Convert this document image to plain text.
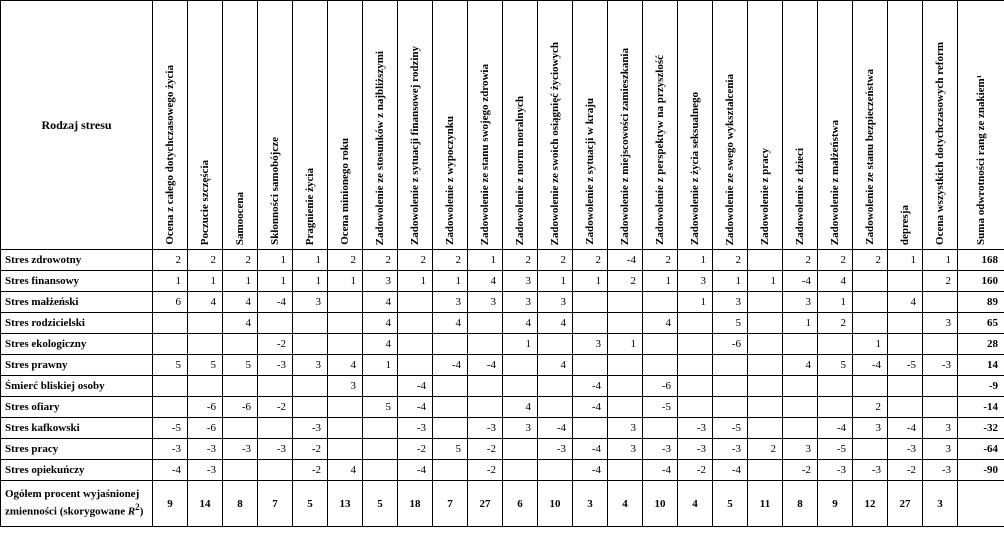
Rodzaj stresu	Ocena z całego dotychczasowego życia	Poczucie szczęścia	Samoocena	Skłonności samobójcze	Pragnienie życia	Ocena minionego roku	Zadowolenie ze stosunków z najbliższymi	Zadowolenie z sytuacji finansowej rodziny	Zadowolenie z wypoczynku	Zadowolenie ze stanu swojego zdrowia	Zadowolenie z norm moralnych	Zadowolenie ze swoich osiągnięć życiowych	Zadowolenie z sytuacji w kraju	Zadowolenie z miejscowości zamieszkania	Zadowolenie z perspektyw na przyszłość	Zadowolenie z życia seksualnego	Zadowolenie ze swego wykształcenia	Zadowolenie z pracy	Zadowolenie z dzieci	Zadowolenie z małżeństwa	Zadowolenie ze stanu bezpieczeństwa	depresja	Ocena wszystkich dotychczasowych reform	Suma odwrotności rang ze znakiem¹

Stres zdrowotny	2	2	2	1	1	2	2	2	2	1	2	2	2	-4	2	1	2		2	2	2	1	1	168
Stres finansowy	1	1	1	1	1	1	3	1	1	4	3	1	1	2	1	3	1	1	-4	4			2	160
Stres małżeński	6	4	4	-4	3		4		3	3	3	3				1	3		3	1		4		89
Stres rodzicielski			4				4		4		4	4			4		5		1	2			3	65
Stres ekologiczny				-2			4				1		3	1			-6				1			28
Stres prawny	5	5	5	-3	3	4	1		-4	-4		4							4	5	-4	-5	-3	14
Śmierć bliskiej osoby						3		-4					-4		-6									-9
Stres ofiary		-6	-6	-2			5	-4			4		-4		-5						2			-14
Stres kafkowski	-5	-6			-3			-3		-3	3	-4		3		-3	-5			-4	3	-4	3	-32
Stres pracy	-3	-3	-3	-3	-2			-2	5	-2		-3	-4	3	-3	-3	-3	2	3	-5		-3	3	-64
Stres opiekuńczy	-4	-3			-2	4		-4		-2			-4		-4	-2	-4		-2	-3	-3	-2	-3	-90
Ogółem procent wyjaśnionej zmienności (skorygowane $R^2$)	9	14	8	7	5	13	5	18	7	27	6	10	3	4	10	4	5	11	8	9	12	27	3	
